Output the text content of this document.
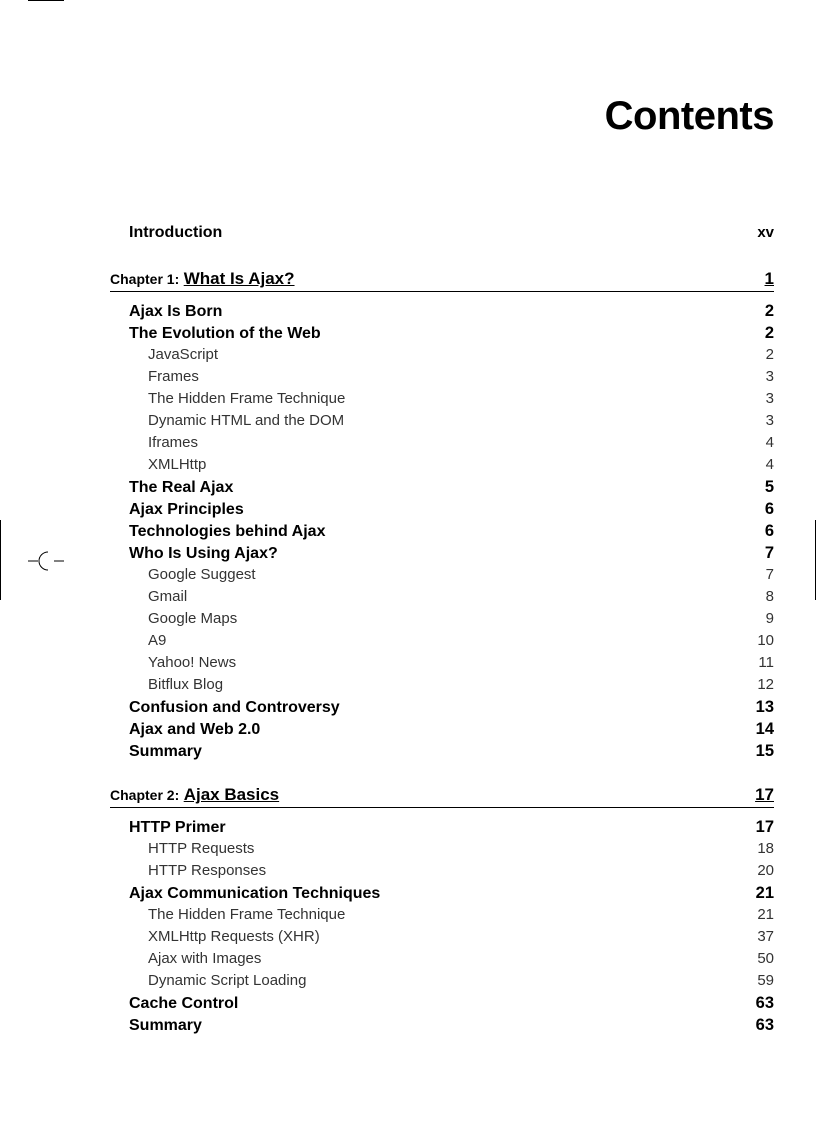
Contents
Introduction	xv
Chapter 1: What Is Ajax?	1
Ajax Is Born	2
The Evolution of the Web	2
JavaScript	2
Frames	3
The Hidden Frame Technique	3
Dynamic HTML and the DOM	3
Iframes	4
XMLHttp	4
The Real Ajax	5
Ajax Principles	6
Technologies behind Ajax	6
Who Is Using Ajax?	7
Google Suggest	7
Gmail	8
Google Maps	9
A9	10
Yahoo! News	11
Bitflux Blog	12
Confusion and Controversy	13
Ajax and Web 2.0	14
Summary	15
Chapter 2: Ajax Basics	17
HTTP Primer	17
HTTP Requests	18
HTTP Responses	20
Ajax Communication Techniques	21
The Hidden Frame Technique	21
XMLHttp Requests (XHR)	37
Ajax with Images	50
Dynamic Script Loading	59
Cache Control	63
Summary	63
